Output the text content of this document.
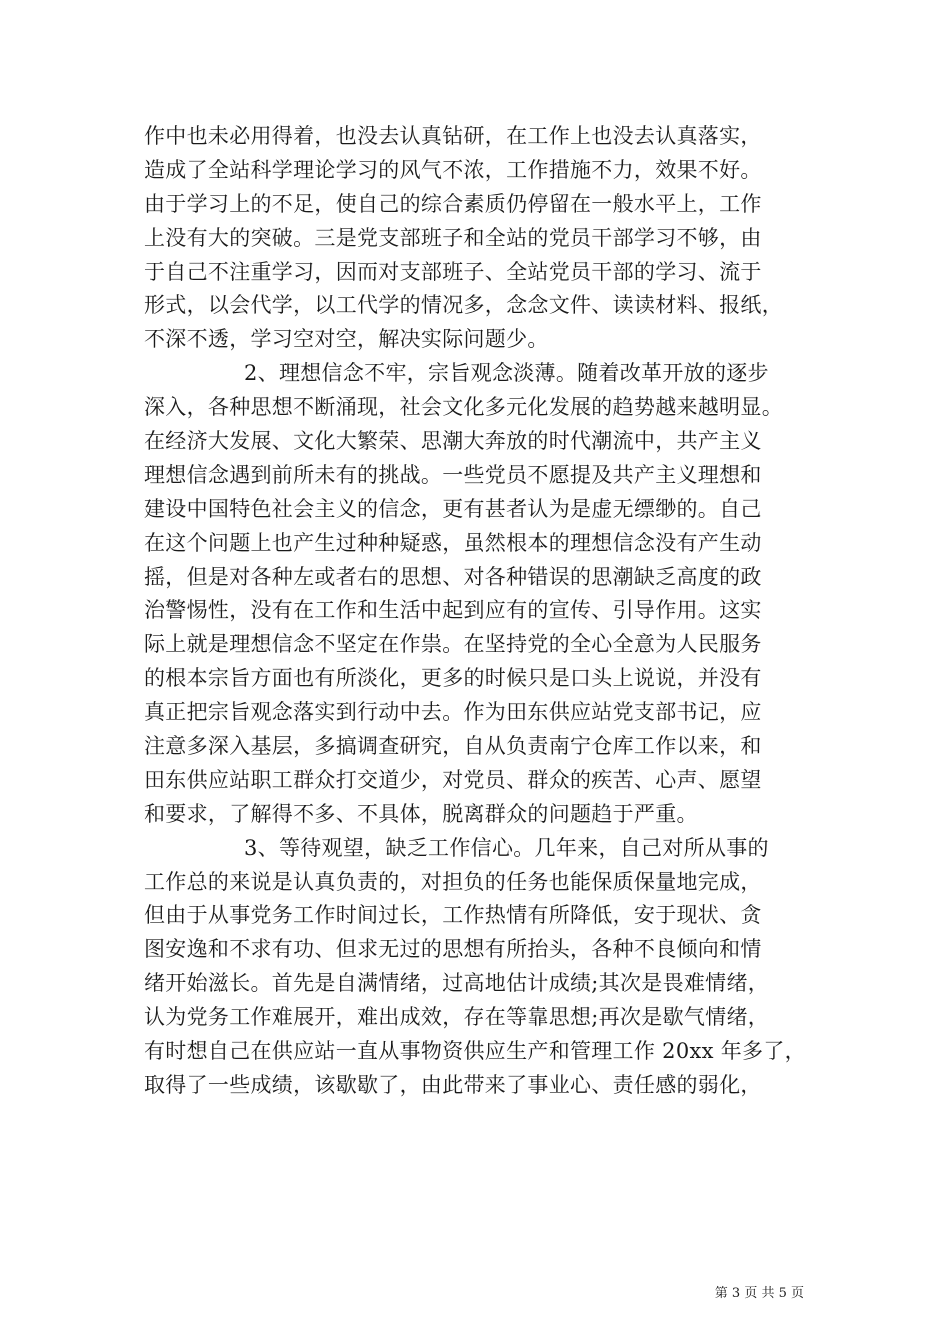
作中也未必用得着，也没去认真钻研，在工作上也没去认真落实，
造成了全站科学理论学习的风气不浓，工作措施不力，效果不好。
由于学习上的不足，使自己的综合素质仍停留在一般水平上，工作
上没有大的突破。三是党支部班子和全站的党员干部学习不够，由
于自己不注重学习，因而对支部班子、全站党员干部的学习、流于
形式，以会代学，以工代学的情况多，念念文件、读读材料、报纸，
不深不透，学习空对空，解决实际问题少。
2、理想信念不牢，宗旨观念淡薄。随着改革开放的逐步
深入，各种思想不断涌现，社会文化多元化发展的趋势越来越明显。
在经济大发展、文化大繁荣、思潮大奔放的时代潮流中，共产主义
理想信念遇到前所未有的挑战。一些党员不愿提及共产主义理想和
建设中国特色社会主义的信念，更有甚者认为是虚无缥缈的。自己
在这个问题上也产生过种种疑惑，虽然根本的理想信念没有产生动
摇，但是对各种左或者右的思想、对各种错误的思潮缺乏高度的政
治警惕性，没有在工作和生活中起到应有的宣传、引导作用。这实
际上就是理想信念不坚定在作祟。在坚持党的全心全意为人民服务
的根本宗旨方面也有所淡化，更多的时候只是口头上说说，并没有
真正把宗旨观念落实到行动中去。作为田东供应站党支部书记，应
注意多深入基层，多搞调查研究，自从负责南宁仓库工作以来，和
田东供应站职工群众打交道少，对党员、群众的疾苦、心声、愿望
和要求，了解得不多、不具体，脱离群众的问题趋于严重。
3、等待观望，缺乏工作信心。几年来，自己对所从事的
工作总的来说是认真负责的，对担负的任务也能保质保量地完成，
但由于从事党务工作时间过长，工作热情有所降低，安于现状、贪
图安逸和不求有功、但求无过的思想有所抬头，各种不良倾向和情
绪开始滋长。首先是自满情绪，过高地估计成绩;其次是畏难情绪，
认为党务工作难展开，难出成效，存在等靠思想;再次是歇气情绪，
有时想自己在供应站一直从事物资供应生产和管理工作 20xx 年多了，
取得了一些成绩，该歇歇了，由此带来了事业心、责任感的弱化，
第 3 页 共 5 页
